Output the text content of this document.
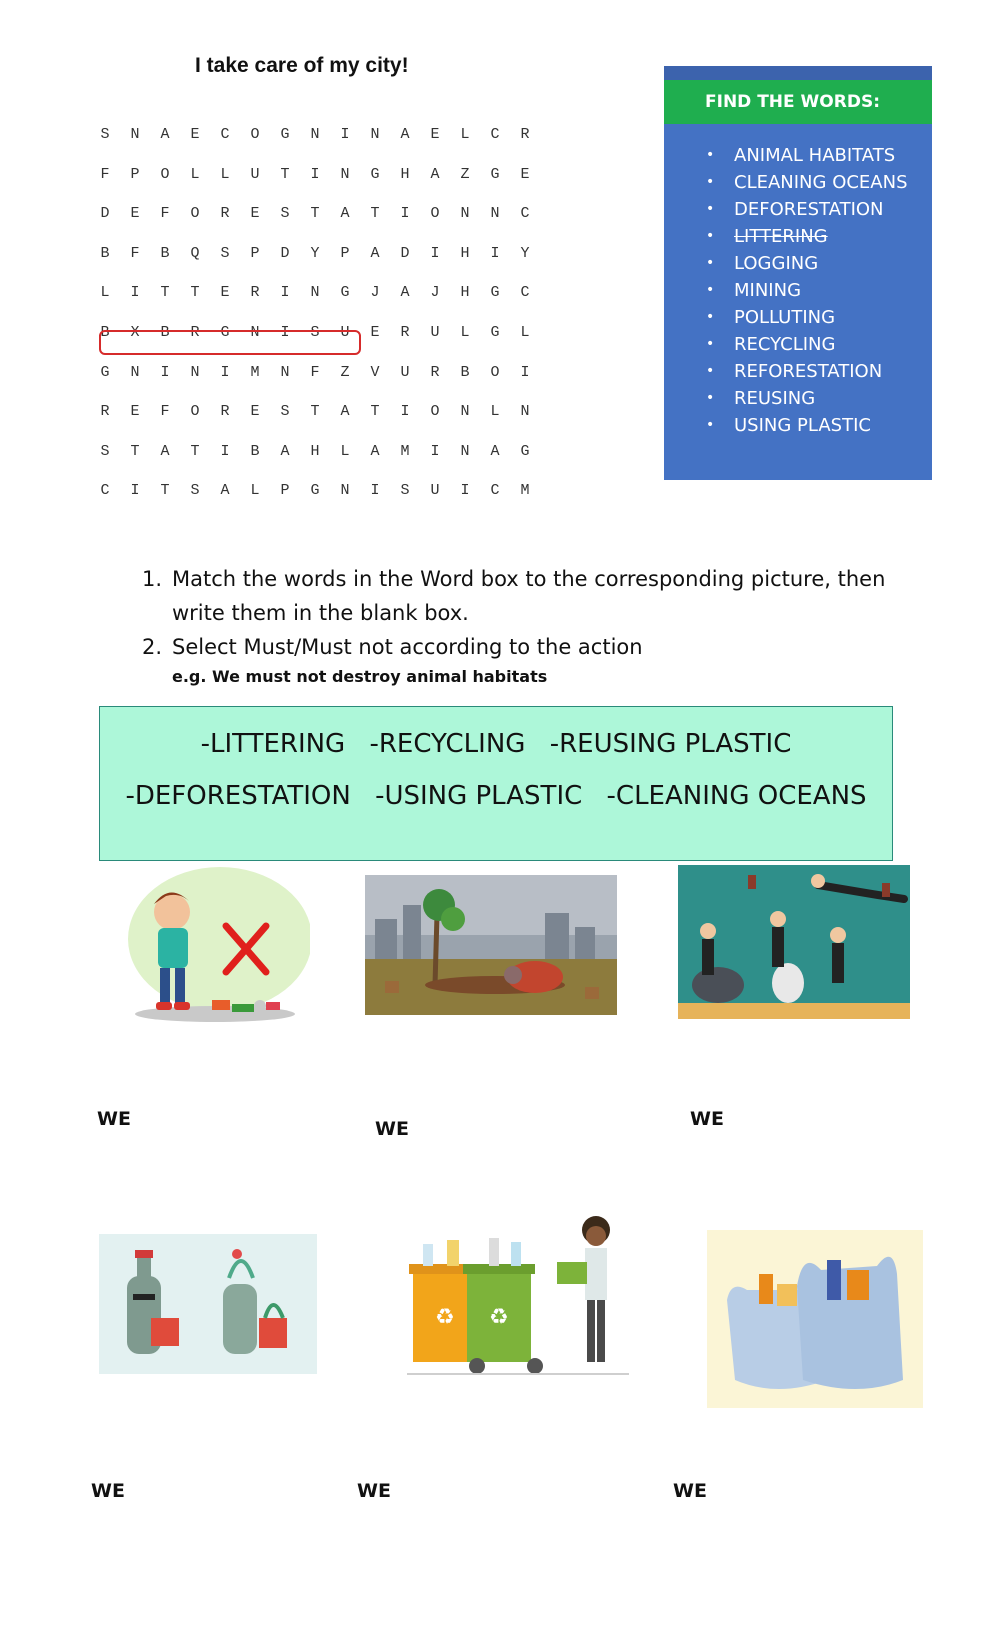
I take care of my city!
S	N	A	E	C	O	G	N	I	N	A	E	L	C	R
F	P	O	L	L	U	T	I	N	G	H	A	Z	G	E
D	E	F	O	R	E	S	T	A	T	I	O	N	N	C
B	F	B	Q	S	P	D	Y	P	A	D	I	H	I	Y
L	I	T	T	E	R	I	N	G	J	A	J	H	G	C
B	X	B	R	G	N	I	S	U	E	R	U	L	G	L
G	N	I	N	I	M	N	F	Z	V	U	R	B	O	I
R	E	F	O	R	E	S	T	A	T	I	O	N	L	N
S	T	A	T	I	B	A	H	L	A	M	I	N	A	G
C	I	T	S	A	L	P	G	N	I	S	U	I	C	M
FIND THE WORDS:
• ANIMAL HABITATS
• CLEANING OCEANS
• DEFORESTATION
• LITTERING
• LOGGING
• MINING
• POLLUTING
• RECYCLING
• REFORESTATION
• REUSING
• USING PLASTIC
1. Match the words in the Word box to the corresponding picture, then write them in the blank box.
2. Select Must/Must not according to the action
e.g. We must not destroy animal habitats
-LITTERING -RECYCLING -REUSING PLASTIC
-DEFORESTATION -USING PLASTIC -CLEANING OCEANS
WE	WE	WE
♻ ♻
WE	WE	WE
